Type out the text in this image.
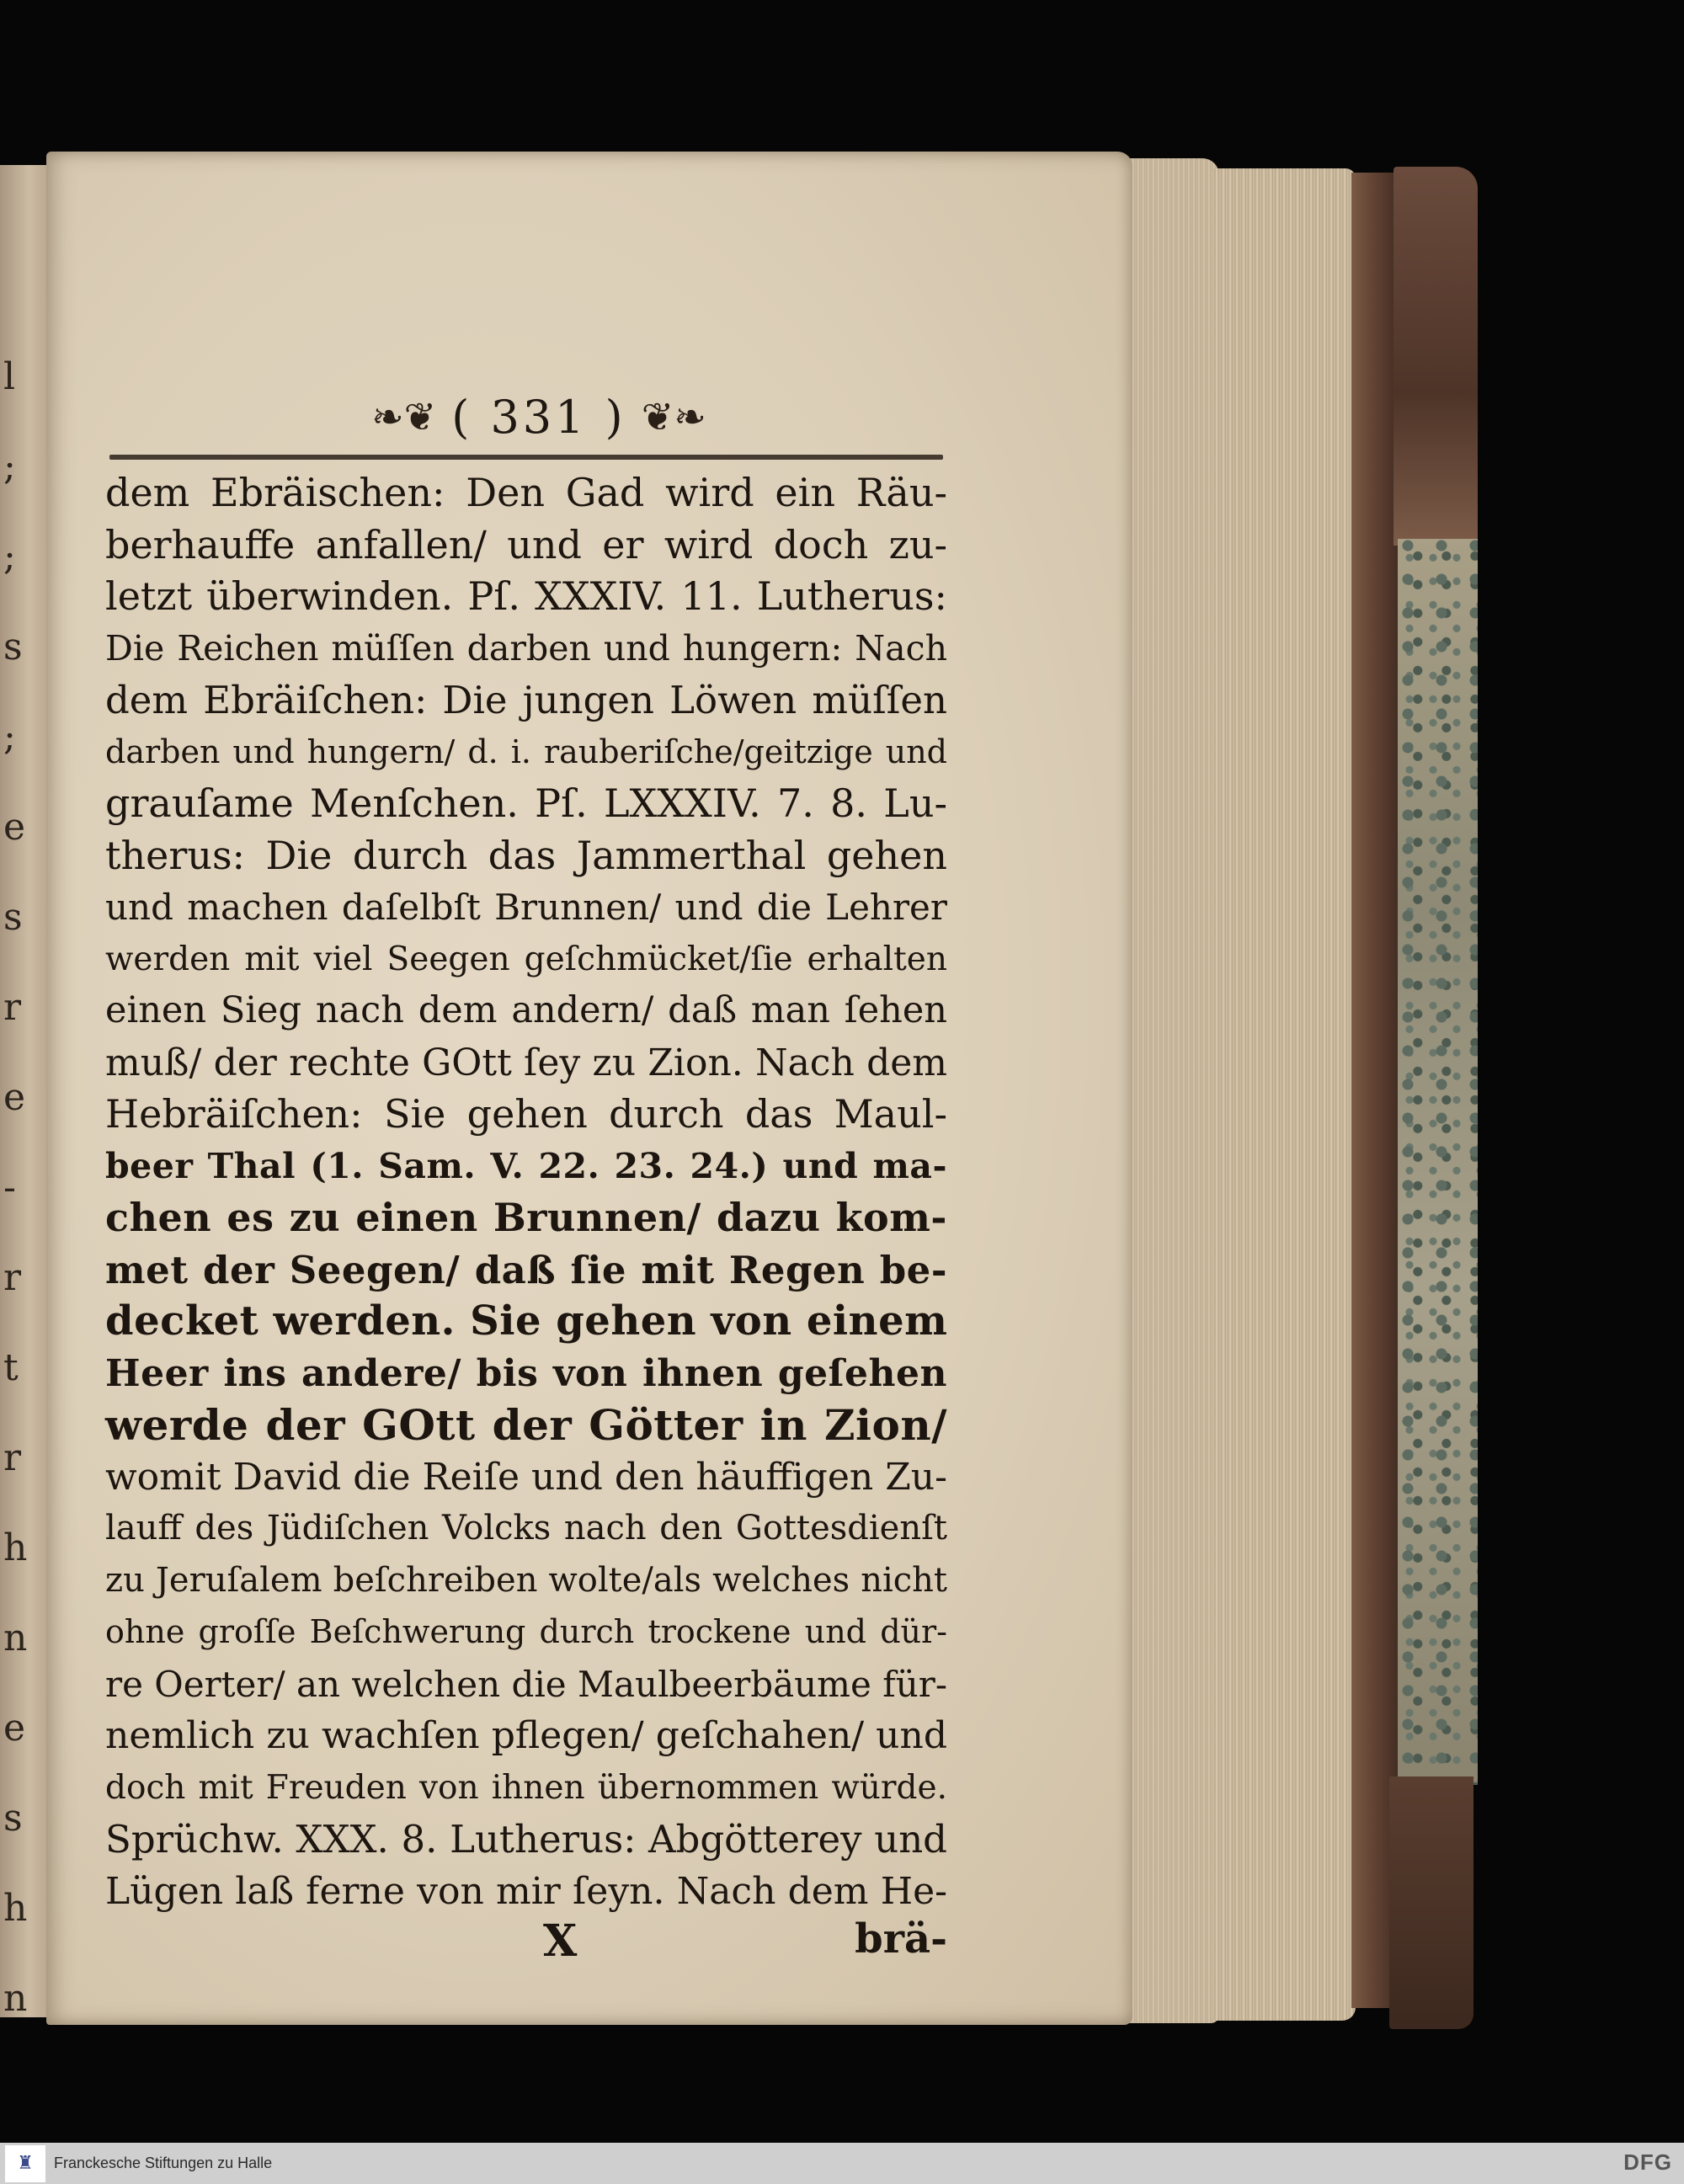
l
;
;
s
;
e
s
r
e
-
r
t
r
h
n
e
s
h
n
❧❦ ( 331 ) ❦❧
dem Ebräischen: Den Gad wird ein Räu-
berhauffe anfallen/ und er wird doch zu-
letzt überwinden. Pſ. XXXIV. 11. Lutherus:
Die Reichen müſſen darben und hungern: Nach
dem Ebräiſchen: Die jungen Löwen müſſen
darben und hungern/ d. i. rauberiſche/geitzige und
grauſame Menſchen. Pſ. LXXXIV. 7. 8. Lu-
therus: Die durch das Jammerthal gehen
und machen daſelbſt Brunnen/ und die Lehrer
werden mit viel Seegen geſchmücket/ſie erhalten
einen Sieg nach dem andern/ daß man ſehen
muß/ der rechte GOtt ſey zu Zion. Nach dem
Hebräiſchen: Sie gehen durch das Maul-
beer Thal (1. Sam. V. 22. 23. 24.) und ma-
chen es zu einen Brunnen/ dazu kom-
met der Seegen/ daß ſie mit Regen be-
decket werden. Sie gehen von einem
Heer ins andere/ bis von ihnen geſehen
werde der GOtt der Götter in Zion/
womit David die Reiſe und den häuffigen Zu-
lauff des Jüdiſchen Volcks nach den Gottesdienſt
zu Jeruſalem beſchreiben wolte/als welches nicht
ohne groſſe Beſchwerung durch trockene und dür-
re Oerter/ an welchen die Maulbeerbäume für-
nemlich zu wachſen pflegen/ geſchahen/ und
doch mit Freuden von ihnen übernommen würde.
Sprüchw. XXX. 8. Lutherus: Abgötterey und
Lügen laß ferne von mir ſeyn. Nach dem He-
X	brä-
♜ Franckesche Stiftungen zu Halle	DFG
